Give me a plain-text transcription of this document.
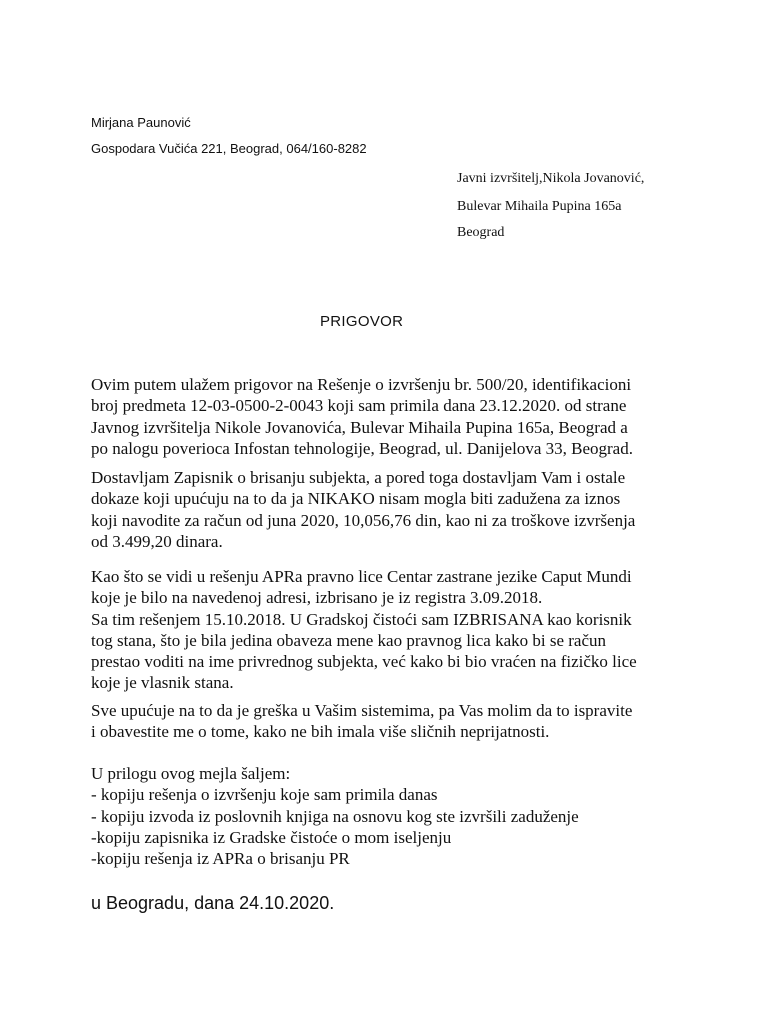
Mirjana Paunović
Gospodara Vučića 221, Beograd, 064/160-8282
Javni izvršitelj,Nikola Jovanović,
Bulevar Mihaila Pupina 165a
Beograd
PRIGOVOR
Ovim putem ulažem prigovor na Rešenje o izvršenju br. 500/20, identifikacioni
broj predmeta 12-03-0500-2-0043 koji sam primila dana 23.12.2020. od strane
Javnog izvršitelja Nikole Jovanovića, Bulevar Mihaila Pupina 165a, Beograd a
po nalogu poverioca Infostan tehnologije, Beograd, ul. Danijelova 33, Beograd.
Dostavljam Zapisnik o brisanju subjekta, a pored toga dostavljam Vam i ostale
dokaze koji upućuju na to da ja NIKAKO nisam mogla biti zadužena za iznos
koji navodite za račun od juna 2020, 10,056,76 din, kao ni za troškove izvršenja
od 3.499,20 dinara.
Kao što se vidi u rešenju APRa pravno lice Centar zastrane jezike Caput Mundi
koje je bilo na navedenoj adresi, izbrisano je iz registra 3.09.2018.
Sa tim rešenjem 15.10.2018. U Gradskoj čistoći sam IZBRISANA kao korisnik
tog stana, što je bila jedina obaveza mene kao pravnog lica kako bi se račun
prestao voditi na ime privrednog subjekta, već kako bi bio vraćen na fizičko lice
koje je vlasnik stana.
Sve upućuje na to da je greška u Vašim sistemima, pa Vas molim da to ispravite
i obavestite me o tome, kako ne bih imala više sličnih neprijatnosti.
U prilogu ovog mejla šaljem:
- kopiju rešenja o izvršenju koje sam primila danas
- kopiju izvoda iz poslovnih knjiga na osnovu kog ste izvršili zaduženje
-kopiju zapisnika iz Gradske čistoće o mom iseljenju
-kopiju rešenja iz APRa o brisanju PR
u Beogradu, dana 24.10.2020.
